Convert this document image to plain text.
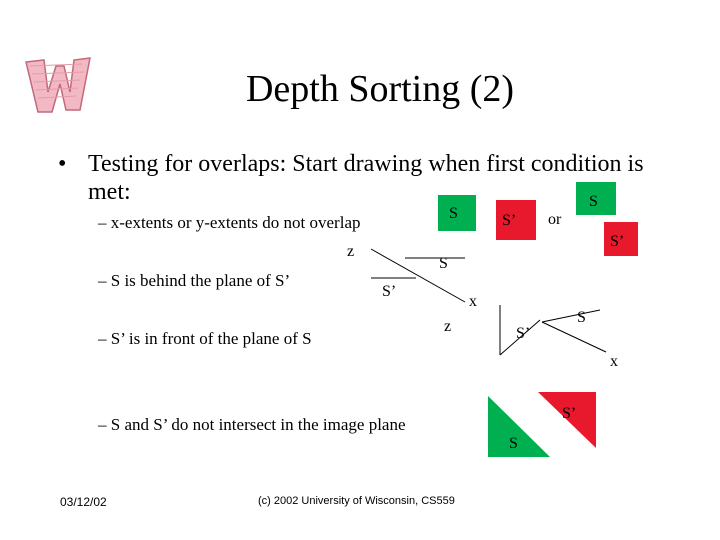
Depth Sorting (2)
• Testing for overlaps: Start drawing when first condition is
met:
– x-extents or y-extents do not overlap
– S is behind the plane of S’
– S’ is in front of the plane of S
– S and S’ do not intersect in the image plane
S	S’ or
S
S’
z
S
S’
x
z	S’
S
x
S’
S
03/12/02	(c) 2002 University of Wisconsin, CS559
